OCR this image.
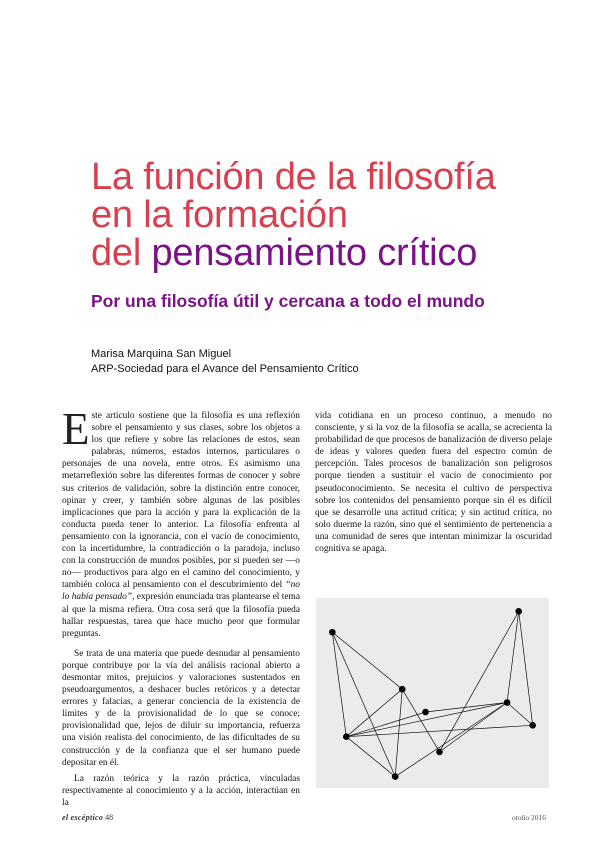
La función de la filosofía
en la formación
del pensamiento crítico
Por una filosofía útil y cercana a todo el mundo
Marisa Marquina San Miguel
ARP-Sociedad para el Avance del Pensamiento Crítico

Este artículo sostiene que la filosofía es una reflexión sobre el pensamiento y sus clases, sobre los objetos a los que refiere y sobre las relaciones de estos, sean palabras, números, estados internos, particulares o personajes de una novela, entre otros. Es asimismo una metarreflexión sobre las diferentes formas de conocer y sobre sus criterios de validación, sobre la distinción entre conocer, opinar y creer, y también sobre algunas de las posibles implicaciones que para la acción y para la explicación de la conducta pueda tener lo anterior. La filosofía enfrenta al pensamiento con la ignorancia, con el vacío de conocimiento, con la incertidumbre, la contradicción o la paradoja, incluso con la construcción de mundos posibles, por si pueden ser —o no— productivos para algo en el camino del conocimiento, y también coloca al pensamiento con el descubrimiento del “no lo había pensado”, expresión enunciada tras plantearse el tema al que la misma refiera. Otra cosa será que la filosofía pueda hallar respuestas, tarea que hace mucho peor que formular preguntas.

Se trata de una materia que puede desnudar al pensamiento porque contribuye por la vía del análisis racional abierto a desmontar mitos, prejuicios y valoraciones sustentados en pseudoargumentos, a deshacer bucles retóricos y a detectar errores y falacias, a generar conciencia de la existencia de límites y de la provisionalidad de lo que se conoce; provisionalidad que, lejos de diluir su importancia, refuerza una visión realista del conocimiento, de las dificultades de su construcción y de la confianza que el ser humano puede depositar en él.

La razón teórica y la razón práctica, vinculadas respectivamente al conocimiento y a la acción, interactúan en la

vida cotidiana en un proceso continuo, a menudo no consciente, y si la voz de la filosofía se acalla, se acrecienta la probabilidad de que procesos de banalización de diverso pelaje de ideas y valores queden fuera del espectro común de percepción. Tales procesos de banalización son peligrosos porque tienden a sustituir el vacío de conocimiento por pseudoconocimiento. Se necesita el cultivo de perspectiva sobre los contenidos del pensamiento porque sin él es difícil que se desarrolle una actitud crítica; y sin actitud crítica, no solo duerme la razón, sino que el sentimiento de pertenencia a una comunidad de seres que intentan minimizar la oscuridad cognitiva se apaga.

el escéptico 48	otoño 2016
